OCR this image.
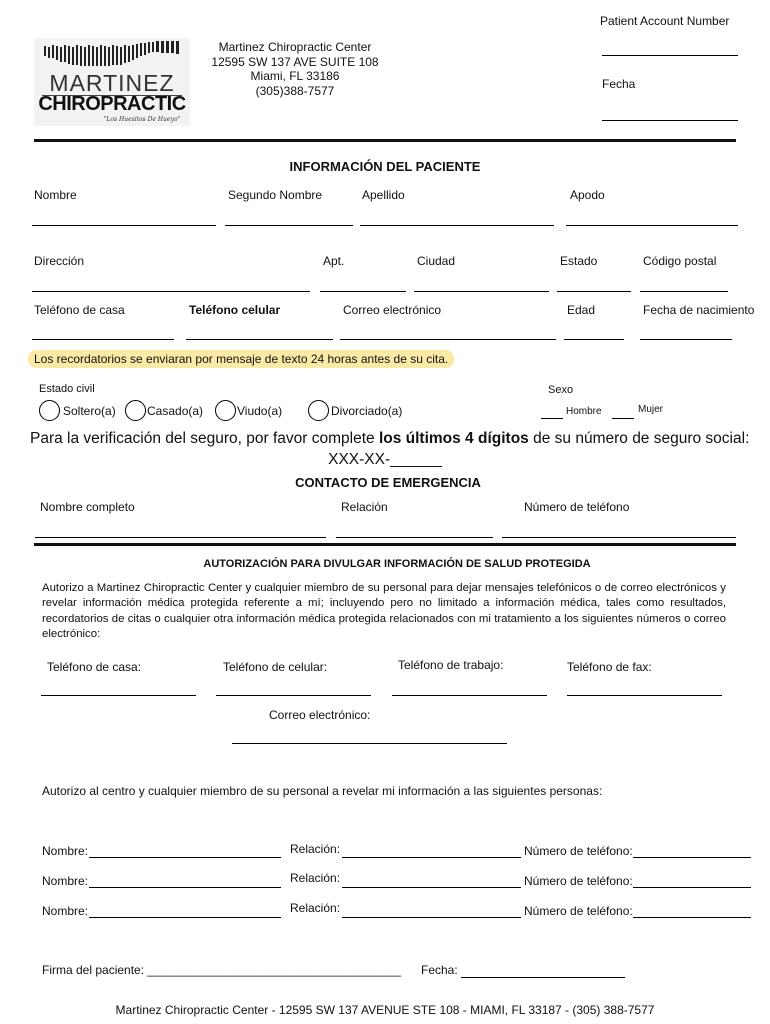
MARTINEZ
CHIROPRACTIC
"Los Huesitos De Hueyo"
Martinez Chiropractic Center
12595 SW 137 AVE SUITE 108
Miami, FL 33186
(305)388-7577
Patient Account Number
Fecha
INFORMACIÓN DEL PACIENTE
Nombre	Segundo Nombre	Apellido	Apodo
Dirección	Apt.	Ciudad	Estado	Código postal
Teléfono de casa	Teléfono celular	Correo electrónico	Edad	Fecha de nacimiento
Los recordatorios se enviaran por mensaje de texto 24 horas antes de su cita.
Estado civil
Soltero(a)	Casado(a)	Viudo(a)	Divorciado(a)
Sexo
Hombre	Mujer
Para la verificación del seguro, por favor complete los últimos 4 dígitos de su número de seguro social:
XXX-XX-______
CONTACTO DE EMERGENCIA
Nombre completo	Relación	Número de teléfono
AUTORIZACIÓN PARA DIVULGAR INFORMACIÓN DE SALUD PROTEGIDA
Autorizo a Martinez Chiropractic Center y cualquier miembro de su personal para dejar mensajes telefónicos o de correo electrónicos y revelar información médica protegida referente a mí; incluyendo pero no limitado a información médica, tales como resultados, recordatorios de citas o cualquier otra información médica protegida relacionados con mi tratamiento a los siguientes números o correo electrónico:
Teléfono de casa:	Teléfono de celular:	Teléfono de trabajo:	Teléfono de fax:
Correo electrónico:
Autorizo al centro y cualquier miembro de su personal a revelar mi información a las siguientes personas:
Nombre:	Relación:	Número de teléfono:
Nombre:	Relación:	Número de teléfono:
Nombre:	Relación:	Número de teléfono:
Firma del paciente: ______________________________________ Fecha:
Martinez Chiropractic Center - 12595 SW 137 AVENUE STE 108 - MIAMI, FL 33187 - (305) 388-7577
